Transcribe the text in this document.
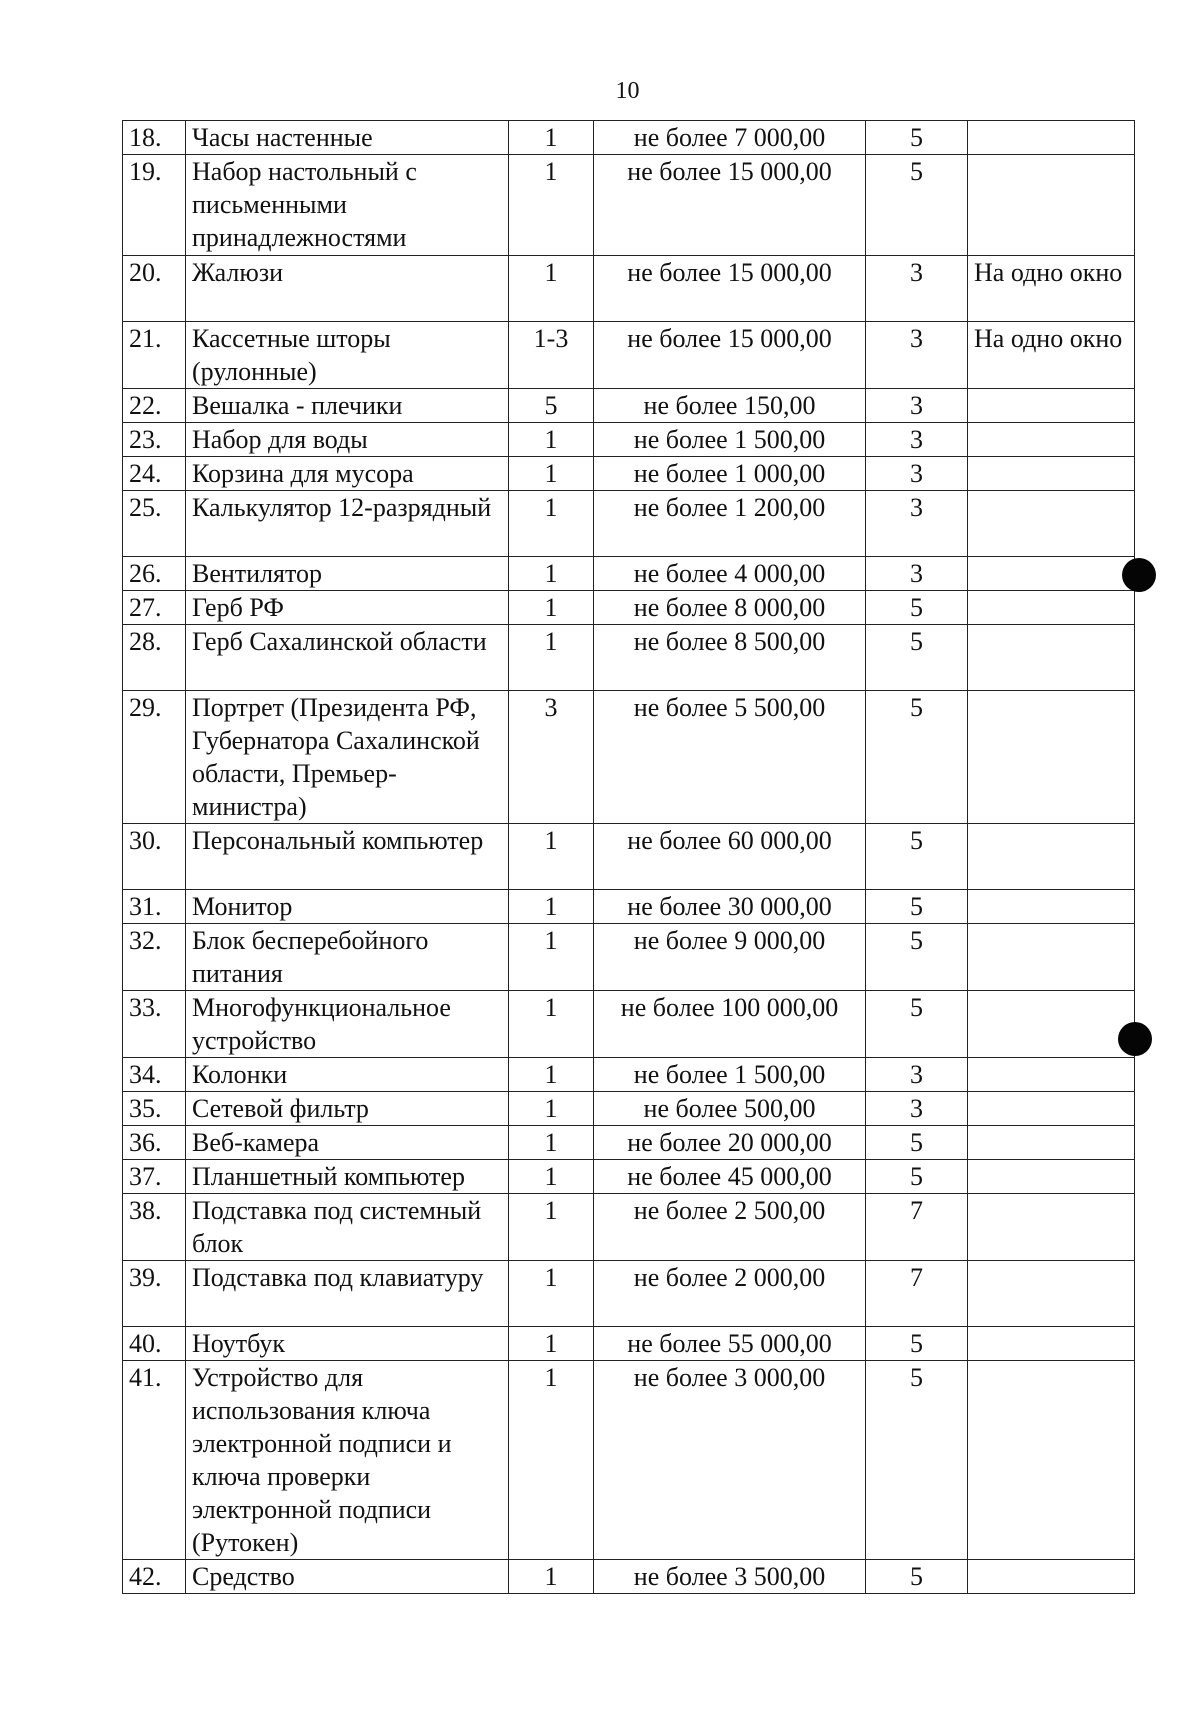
10
18.	Часы настенные	1	не более 7 000,00	5	
19.	Набор настольный с письменными принадлежностями	1	не более 15 000,00	5	
20.	Жалюзи	1	не более 15 000,00	3	На одно окно
21.	Кассетные шторы (рулонные)	1-3	не более 15 000,00	3	На одно окно
22.	Вешалка - плечики	5	не более 150,00	3	
23.	Набор для воды	1	не более 1 500,00	3	
24.	Корзина для мусора	1	не более 1 000,00	3	
25.	Калькулятор 12-разрядный	1	не более 1 200,00	3	
26.	Вентилятор	1	не более 4 000,00	3	
27.	Герб РФ	1	не более 8 000,00	5	
28.	Герб Сахалинской области	1	не более 8 500,00	5	
29.	Портрет (Президента РФ, Губернатора Сахалинской области, Премьер-министра)	3	не более 5 500,00	5	
30.	Персональный компьютер	1	не более 60 000,00	5	
31.	Монитор	1	не более 30 000,00	5	
32.	Блок бесперебойного питания	1	не более 9 000,00	5	
33.	Многофункциональное устройство	1	не более 100 000,00	5	
34.	Колонки	1	не более 1 500,00	3	
35.	Сетевой фильтр	1	не более 500,00	3	
36.	Веб-камера	1	не более 20 000,00	5	
37.	Планшетный компьютер	1	не более 45 000,00	5	
38.	Подставка под системный блок	1	не более 2 500,00	7	
39.	Подставка под клавиатуру	1	не более 2 000,00	7	
40.	Ноутбук	1	не более 55 000,00	5	
41.	Устройство для использования ключа электронной подписи и ключа проверки электронной подписи (Рутокен)	1	не более 3 000,00	5	
42.	Средство	1	не более 3 500,00	5	
